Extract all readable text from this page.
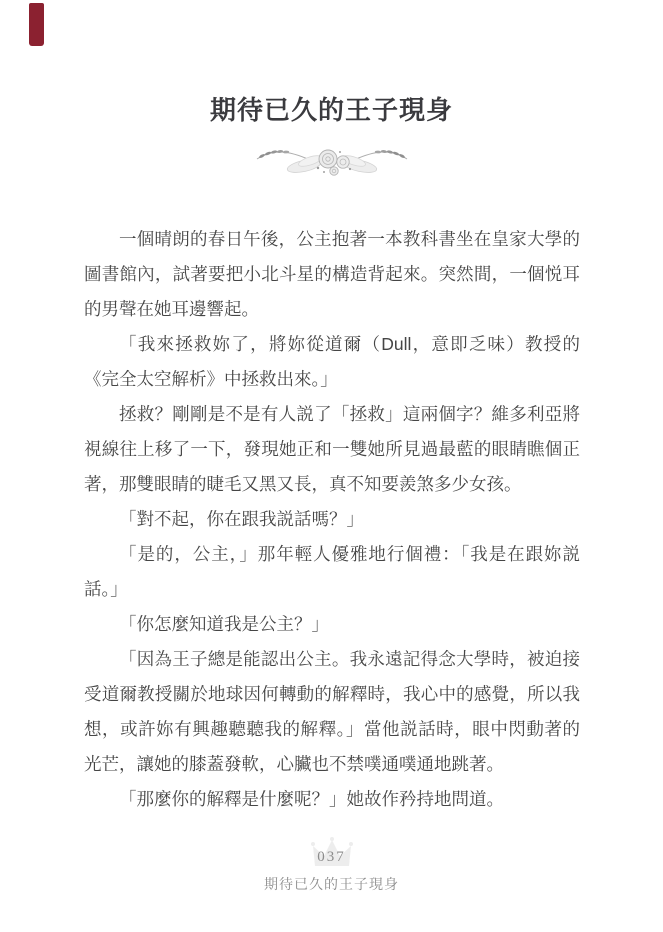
期待已久的王子現身

一個晴朗的春日午後，公主抱著一本教科書坐在皇家大學的圖書館內，試著要把小北斗星的構造背起來。突然間，一個悦耳的男聲在她耳邊響起。

「我來拯救妳了，將妳從道爾（Dull，意即乏味）教授的《完全太空解析》中拯救出來。」

拯救？剛剛是不是有人説了「拯救」這兩個字？維多利亞將視線往上移了一下，發現她正和一雙她所見過最藍的眼睛瞧個正著，那雙眼睛的睫毛又黑又長，真不知要羨煞多少女孩。

「對不起，你在跟我説話嗎？」

「是的，公主，」那年輕人優雅地行個禮：「我是在跟妳説話。」

「你怎麼知道我是公主？」

「因為王子總是能認出公主。我永遠記得念大學時，被迫接受道爾教授關於地球因何轉動的解釋時，我心中的感覺，所以我想，或許妳有興趣聽聽我的解釋。」當他説話時，眼中閃動著的光芒，讓她的膝蓋發軟，心臟也不禁噗通噗通地跳著。

「那麼你的解釋是什麼呢？」她故作矜持地問道。

037
期待已久的王子現身
